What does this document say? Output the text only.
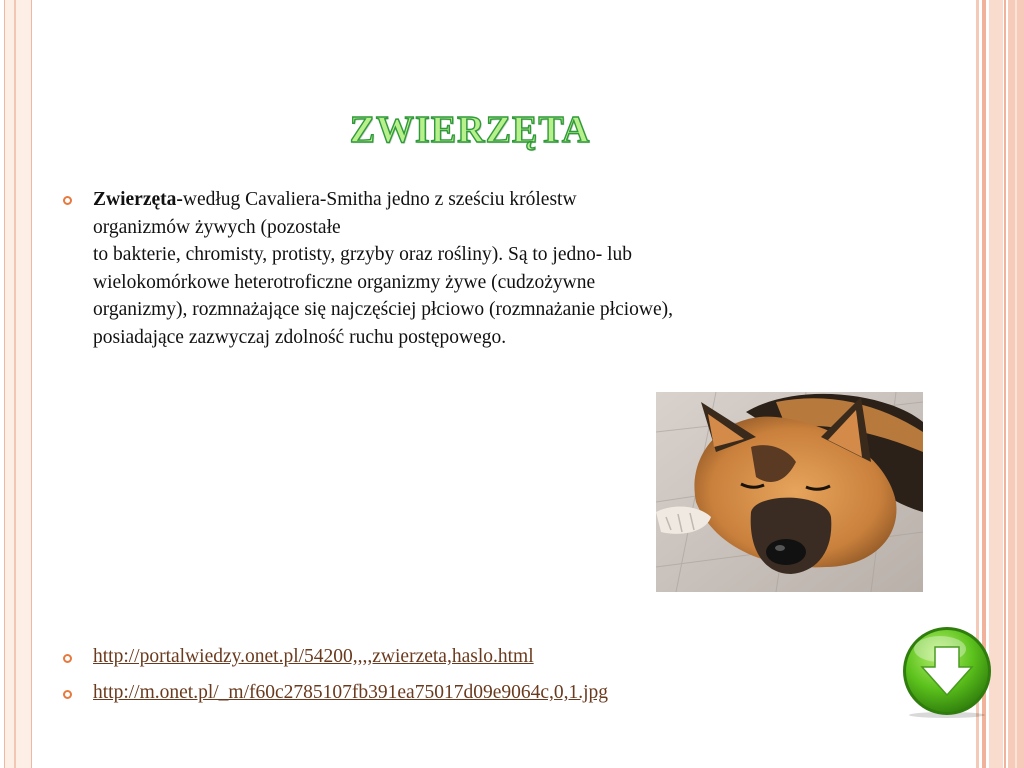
ZWIERZĘTA
Zwierzęta-według Cavaliera-Smitha jedno z sześciu królestw
organizmów żywych (pozostałe
to bakterie, chromisty, protisty, grzyby oraz rośliny). Są to jedno- lub
wielokomórkowe heterotroficzne organizmy żywe (cudzożywne
organizmy), rozmnażające się najczęściej płciowo (rozmnażanie płciowe),
posiadające zazwyczaj zdolność ruchu postępowego.
http://portalwiedzy.onet.pl/54200,,,,zwierzeta,haslo.html
http://m.onet.pl/_m/f60c2785107fb391ea75017d09e9064c,0,1.jpg
